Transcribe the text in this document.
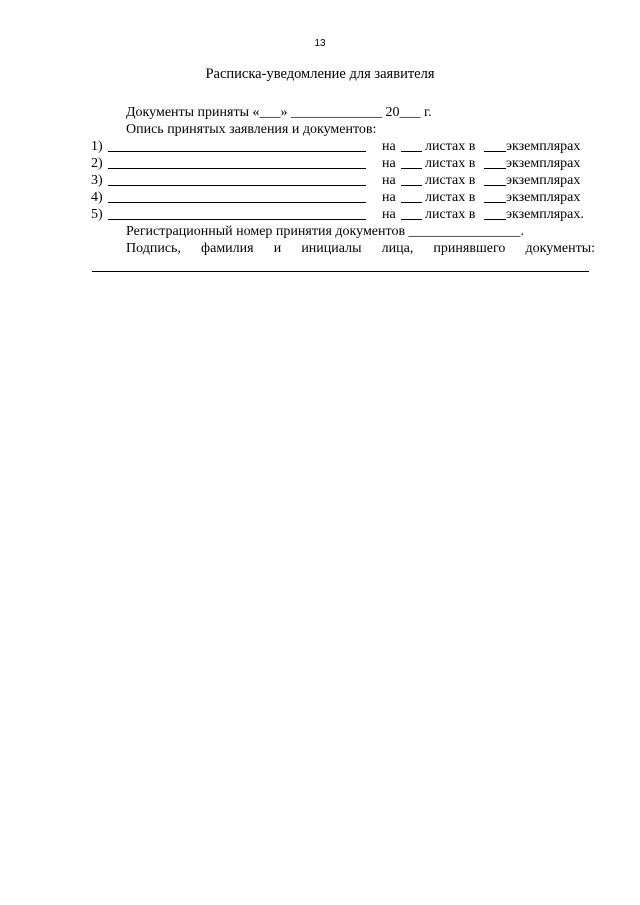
13
Расписка-уведомление для заявителя
Документы приняты «___» _____________ 20___ г.
Опись принятых заявления и документов:
1)	на листах в экземплярах
2)	на листах в экземплярах
3)	на листах в экземплярах
4)	на листах в экземплярах
5)	на листах в экземплярах.
Регистрационный номер принятия документов ________________.
Подпись, фамилия и инициалы лица, принявшего документы:
